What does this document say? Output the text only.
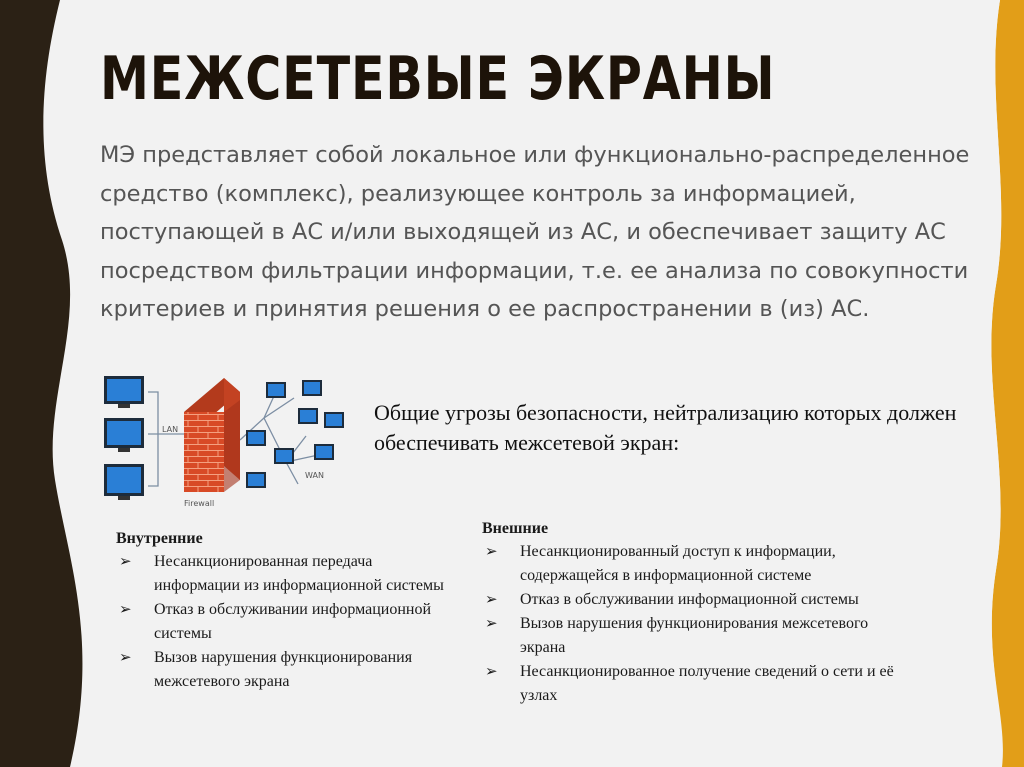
МЕЖСЕТЕВЫЕ ЭКРАНЫ

МЭ представляет собой локальное или функционально-распределенное средство (комплекс), реализующее контроль за информацией, поступающей в АС и/или выходящей из АС, и обеспечивает защиту АС посредством фильтрации информации, т.е. ее анализа по совокупности критериев и принятия решения о ее распространении в (из) АС.

LAN
WAN
Firewall

Общие угрозы безопасности, нейтрализацию которых должен обеспечивать межсетевой экран:

Внутренние
➢ Несанкционированная передача информации из информационной системы
➢ Отказ в обслуживании информационной системы
➢ Вызов нарушения функционирования межсетевого экрана
Внешние
➢ Несанкционированный доступ к информации, содержащейся в информационной системе
➢ Отказ в обслуживании информационной системы
➢ Вызов нарушения функционирования межсетевого экрана
➢ Несанкционированное получение сведений о сети и её узлах
